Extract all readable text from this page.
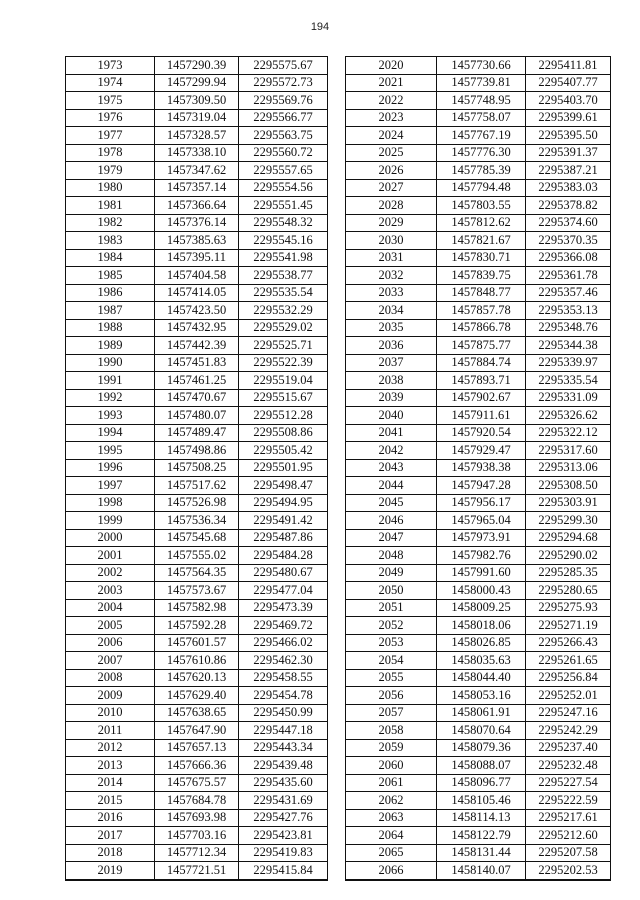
194
1973	1457290.39	2295575.67
1974	1457299.94	2295572.73
1975	1457309.50	2295569.76
1976	1457319.04	2295566.77
1977	1457328.57	2295563.75
1978	1457338.10	2295560.72
1979	1457347.62	2295557.65
1980	1457357.14	2295554.56
1981	1457366.64	2295551.45
1982	1457376.14	2295548.32
1983	1457385.63	2295545.16
1984	1457395.11	2295541.98
1985	1457404.58	2295538.77
1986	1457414.05	2295535.54
1987	1457423.50	2295532.29
1988	1457432.95	2295529.02
1989	1457442.39	2295525.71
1990	1457451.83	2295522.39
1991	1457461.25	2295519.04
1992	1457470.67	2295515.67
1993	1457480.07	2295512.28
1994	1457489.47	2295508.86
1995	1457498.86	2295505.42
1996	1457508.25	2295501.95
1997	1457517.62	2295498.47
1998	1457526.98	2295494.95
1999	1457536.34	2295491.42
2000	1457545.68	2295487.86
2001	1457555.02	2295484.28
2002	1457564.35	2295480.67
2003	1457573.67	2295477.04
2004	1457582.98	2295473.39
2005	1457592.28	2295469.72
2006	1457601.57	2295466.02
2007	1457610.86	2295462.30
2008	1457620.13	2295458.55
2009	1457629.40	2295454.78
2010	1457638.65	2295450.99
2011	1457647.90	2295447.18
2012	1457657.13	2295443.34
2013	1457666.36	2295439.48
2014	1457675.57	2295435.60
2015	1457684.78	2295431.69
2016	1457693.98	2295427.76
2017	1457703.16	2295423.81
2018	1457712.34	2295419.83
2019	1457721.51	2295415.84
2020	1457730.66	2295411.81
2021	1457739.81	2295407.77
2022	1457748.95	2295403.70
2023	1457758.07	2295399.61
2024	1457767.19	2295395.50
2025	1457776.30	2295391.37
2026	1457785.39	2295387.21
2027	1457794.48	2295383.03
2028	1457803.55	2295378.82
2029	1457812.62	2295374.60
2030	1457821.67	2295370.35
2031	1457830.71	2295366.08
2032	1457839.75	2295361.78
2033	1457848.77	2295357.46
2034	1457857.78	2295353.13
2035	1457866.78	2295348.76
2036	1457875.77	2295344.38
2037	1457884.74	2295339.97
2038	1457893.71	2295335.54
2039	1457902.67	2295331.09
2040	1457911.61	2295326.62
2041	1457920.54	2295322.12
2042	1457929.47	2295317.60
2043	1457938.38	2295313.06
2044	1457947.28	2295308.50
2045	1457956.17	2295303.91
2046	1457965.04	2295299.30
2047	1457973.91	2295294.68
2048	1457982.76	2295290.02
2049	1457991.60	2295285.35
2050	1458000.43	2295280.65
2051	1458009.25	2295275.93
2052	1458018.06	2295271.19
2053	1458026.85	2295266.43
2054	1458035.63	2295261.65
2055	1458044.40	2295256.84
2056	1458053.16	2295252.01
2057	1458061.91	2295247.16
2058	1458070.64	2295242.29
2059	1458079.36	2295237.40
2060	1458088.07	2295232.48
2061	1458096.77	2295227.54
2062	1458105.46	2295222.59
2063	1458114.13	2295217.61
2064	1458122.79	2295212.60
2065	1458131.44	2295207.58
2066	1458140.07	2295202.53
